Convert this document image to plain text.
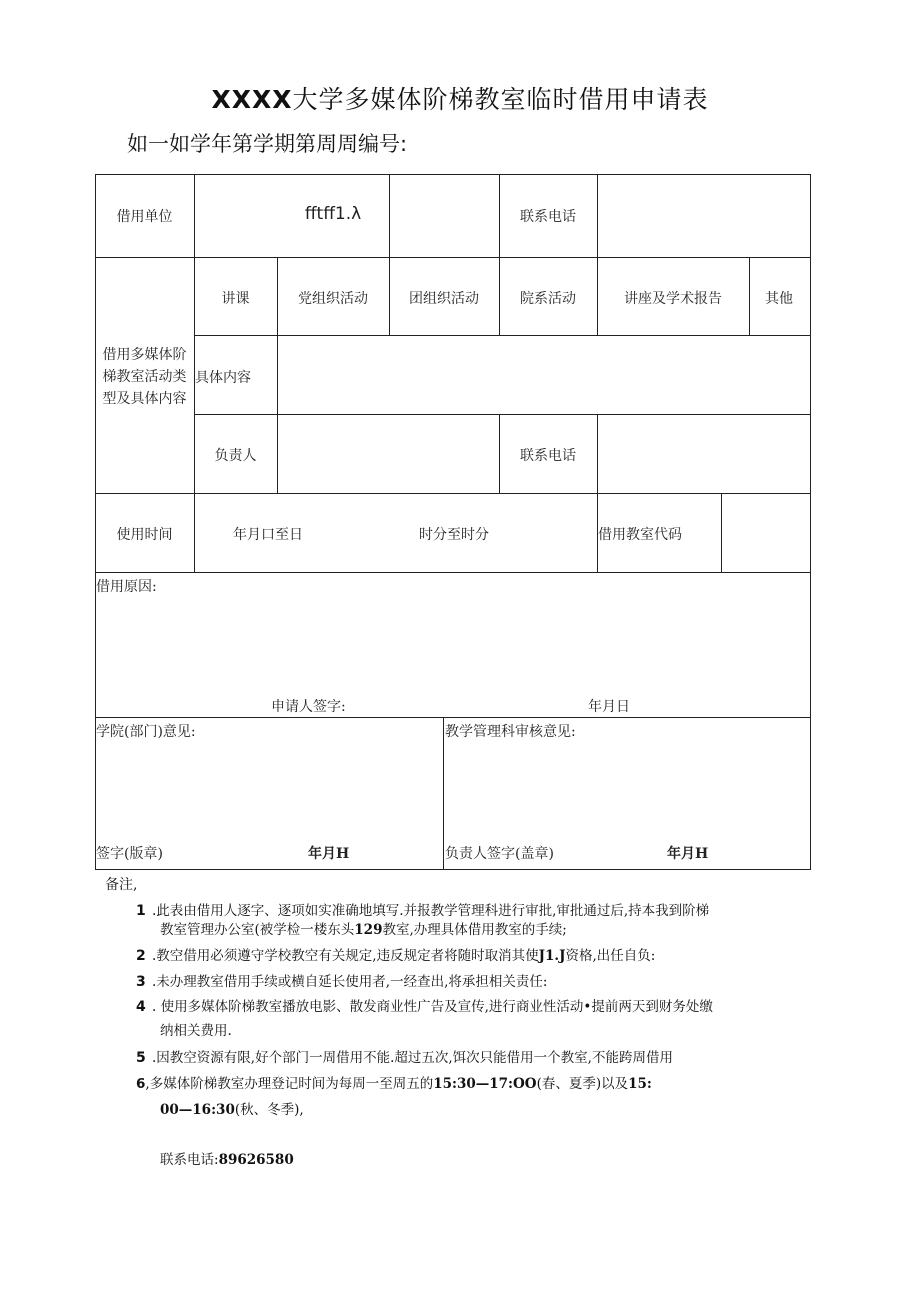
XXXX大学多媒体阶梯教室临时借用申请表
如一如学年第学期第周周编号:
借用单位	fftff1.λ	联系电话
借用多媒体阶梯教室活动类型及具体内容
讲课	党组织活动	团组织活动	院系活动	讲座及学术报告	其他
具体内容
负责人	联系电话
使用时间	年月口至日	时分至时分	借用教室代码
借用原因:
申请人签字:	年月日
学院(部门)意见:
签字(版章)	年月H
教学管理科审核意见:
负责人签字(盖章)	年月H
备注,
1 .此表由借用人逐字、逐项如实准确地填写.并报教学管理科进行审批,审批通过后,持本我到阶梯
教室管理办公室(被学检一楼东头129教室,办理具体借用教室的手续;
2 .教空借用必须遵守学校教空有关规定,违反规定者将随时取消其使J1.J资格,出任自负:
3 .未办理教室借用手续或横自延长使用者,一经查出,将承担相关责任:
4 . 使用多媒体阶梯教室播放电影、散发商业性广告及宣传,进行商业性活动•提前两天到财务处缴
纳相关费用.
5 .因教空资源有限,好个部门一周借用不能.超过五次,饵次只能借用一个教室,不能跨周借用
6,多媒体阶梯教室办理登记时间为每周一至周五的15:30—17:OO(春、夏季)以及15:
00—16:30(秋、冬季),
联系电话:89626580
